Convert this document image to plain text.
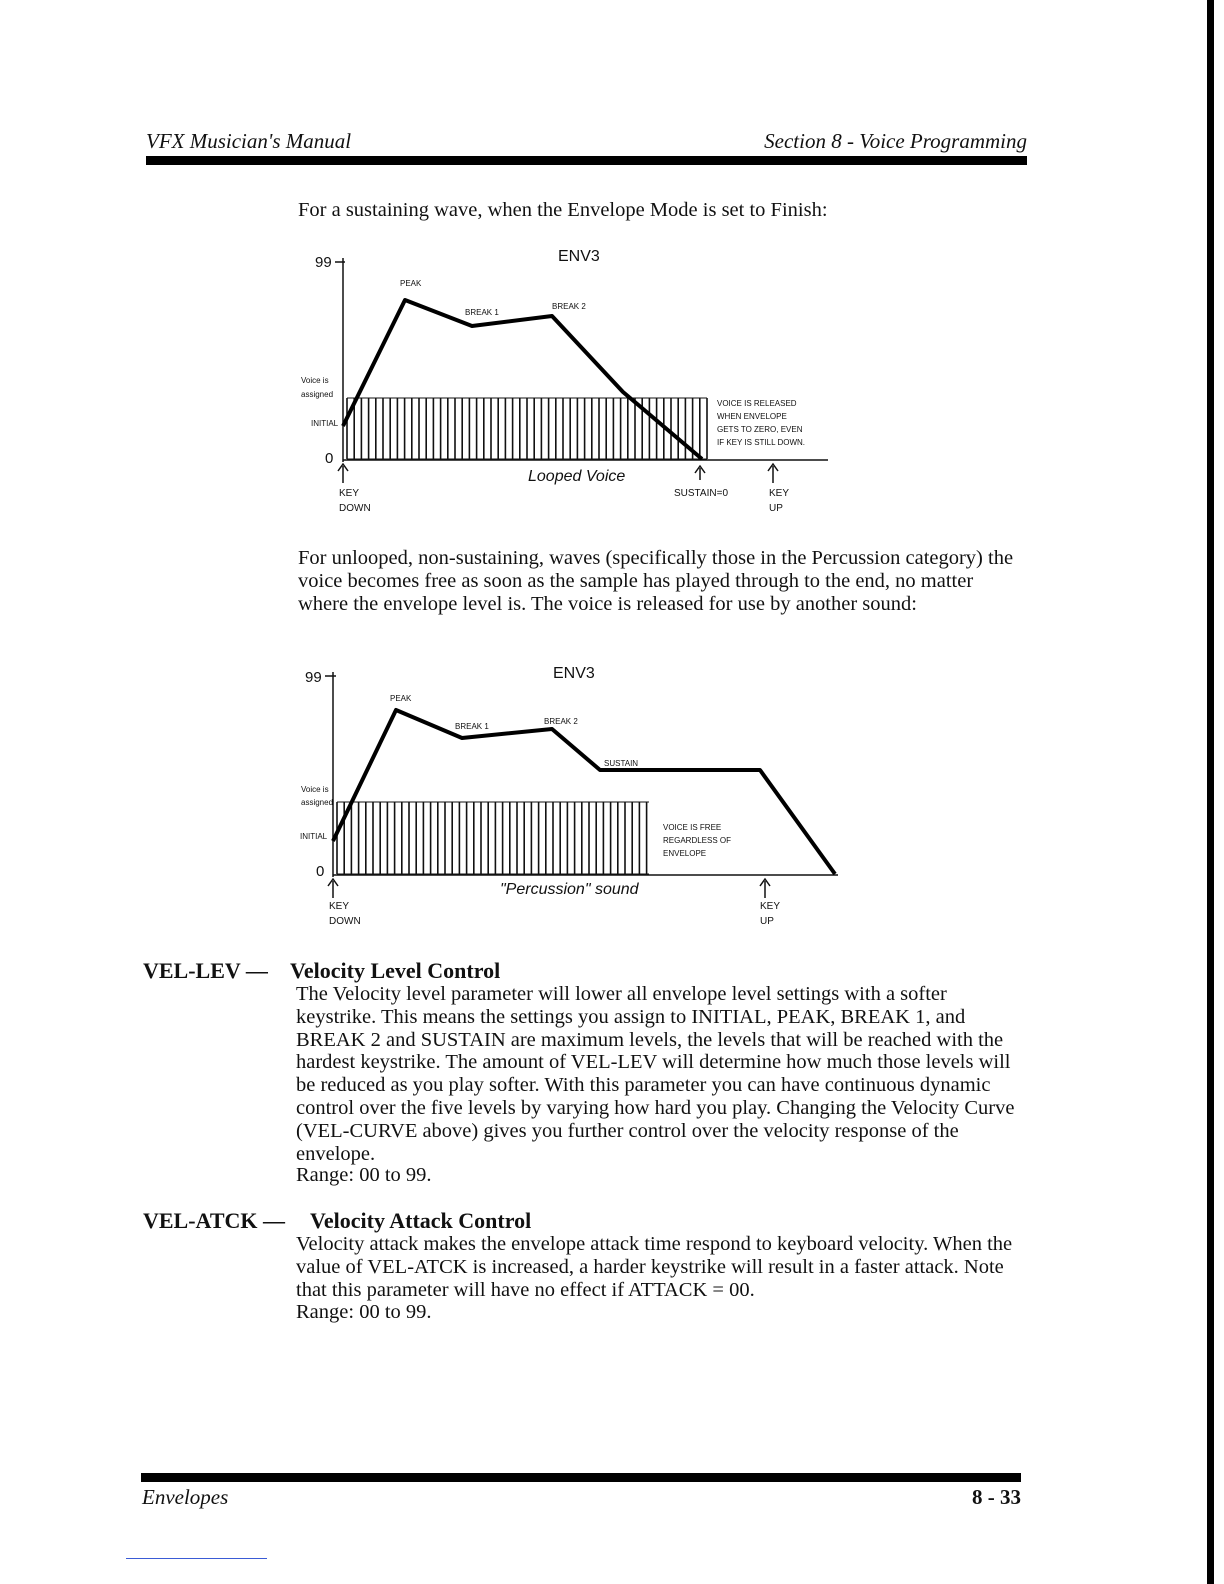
VFX Musician's Manual	Section 8 - Voice Programming
For a sustaining wave, when the Envelope Mode is set to Finish:
ENV3
99
0
Voice is
assigned
INITIAL
PEAK
BREAK 1
BREAK 2
VOICE IS RELEASED
WHEN ENVELOPE
GETS TO ZERO, EVEN
IF KEY IS STILL DOWN.
Looped Voice
KEY
DOWN
SUSTAIN=0	KEY
UP
For unlooped, non-sustaining, waves (specifically those in the Percussion category) the voice becomes free as soon as the sample has played through to the end, no matter where the envelope level is. The voice is released for use by another sound:
ENV3
99
0
Voice is
assigned
INITIAL
PEAK
BREAK 1
BREAK 2
SUSTAIN
VOICE IS FREE
REGARDLESS OF
ENVELOPE
"Percussion" sound
KEY
DOWN
KEY
UP
VEL-LEV — Velocity Level Control
The Velocity level parameter will lower all envelope level settings with a softer keystrike. This means the settings you assign to INITIAL, PEAK, BREAK 1, and BREAK 2 and SUSTAIN are maximum levels, the levels that will be reached with the hardest keystrike. The amount of VEL-LEV will determine how much those levels will be reduced as you play softer. With this parameter you can have continuous dynamic control over the five levels by varying how hard you play. Changing the Velocity Curve (VEL-CURVE above) gives you further control over the velocity response of the envelope.
Range: 00 to 99.
VEL-ATCK — Velocity Attack Control
Velocity attack makes the envelope attack time respond to keyboard velocity. When the value of VEL-ATCK is increased, a harder keystrike will result in a faster attack. Note that this parameter will have no effect if ATTACK = 00.
Range: 00 to 99.
Envelopes	8 - 33
